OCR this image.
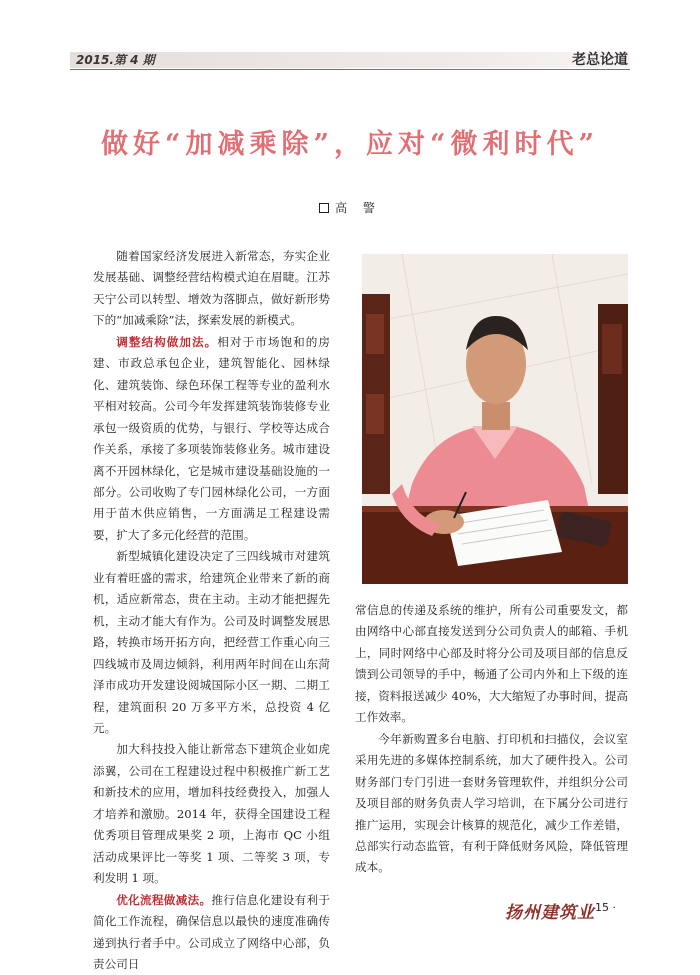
2015.第 4 期	老总论道
做好“加减乘除”，应对“微利时代”
高 警

随着国家经济发展进入新常态，夯实企业发展基础、调整经营结构模式迫在眉睫。江苏天宁公司以转型、增效为落脚点，做好新形势下的“加减乘除”法，探索发展的新模式。

调整结构做加法。相对于市场饱和的房建、市政总承包企业，建筑智能化、园林绿化、建筑装饰、绿色环保工程等专业的盈利水平相对较高。公司今年发挥建筑装饰装修专业承包一级资质的优势，与银行、学校等达成合作关系，承接了多项装饰装修业务。城市建设离不开园林绿化，它是城市建设基础设施的一部分。公司收购了专门园林绿化公司，一方面用于苗木供应销售，一方面满足工程建设需要，扩大了多元化经营的范围。

新型城镇化建设决定了三四线城市对建筑业有着旺盛的需求，给建筑企业带来了新的商机，适应新常态，贵在主动。主动才能把握先机，主动才能大有作为。公司及时调整发展思路，转换市场开拓方向，把经营工作重心向三四线城市及周边倾斜，利用两年时间在山东菏泽市成功开发建设阅城国际小区一期、二期工程，建筑面积 20 万多平方米，总投资 4 亿元。

加大科技投入能让新常态下建筑企业如虎添翼，公司在工程建设过程中积极推广新工艺和新技术的应用，增加科技经费投入，加强人才培养和激励。2014 年，获得全国建设工程优秀项目管理成果奖 2 项，上海市 QC 小组活动成果评比一等奖 1 项、二等奖 3 项，专利发明 1 项。

优化流程做减法。推行信息化建设有利于简化工作流程，确保信息以最快的速度准确传递到执行者手中。公司成立了网络中心部，负责公司日

常信息的传递及系统的维护，所有公司重要发文，都由网络中心部直接发送到分公司负责人的邮箱、手机上，同时网络中心部及时将分公司及项目部的信息反馈到公司领导的手中，畅通了公司内外和上下级的连接，资料报送减少 40%，大大缩短了办事时间，提高工作效率。

今年新购置多台电脑、打印机和扫描仪，会议室采用先进的多媒体控制系统，加大了硬件投入。公司财务部门专门引进一套财务管理软件，并组织分公司及项目部的财务负责人学习培训，在下属分公司进行推广运用，实现会计核算的规范化，减少工作差错，总部实行动态监管，有利于降低财务风险，降低管理成本。

扬州建筑业
· 15 ·
